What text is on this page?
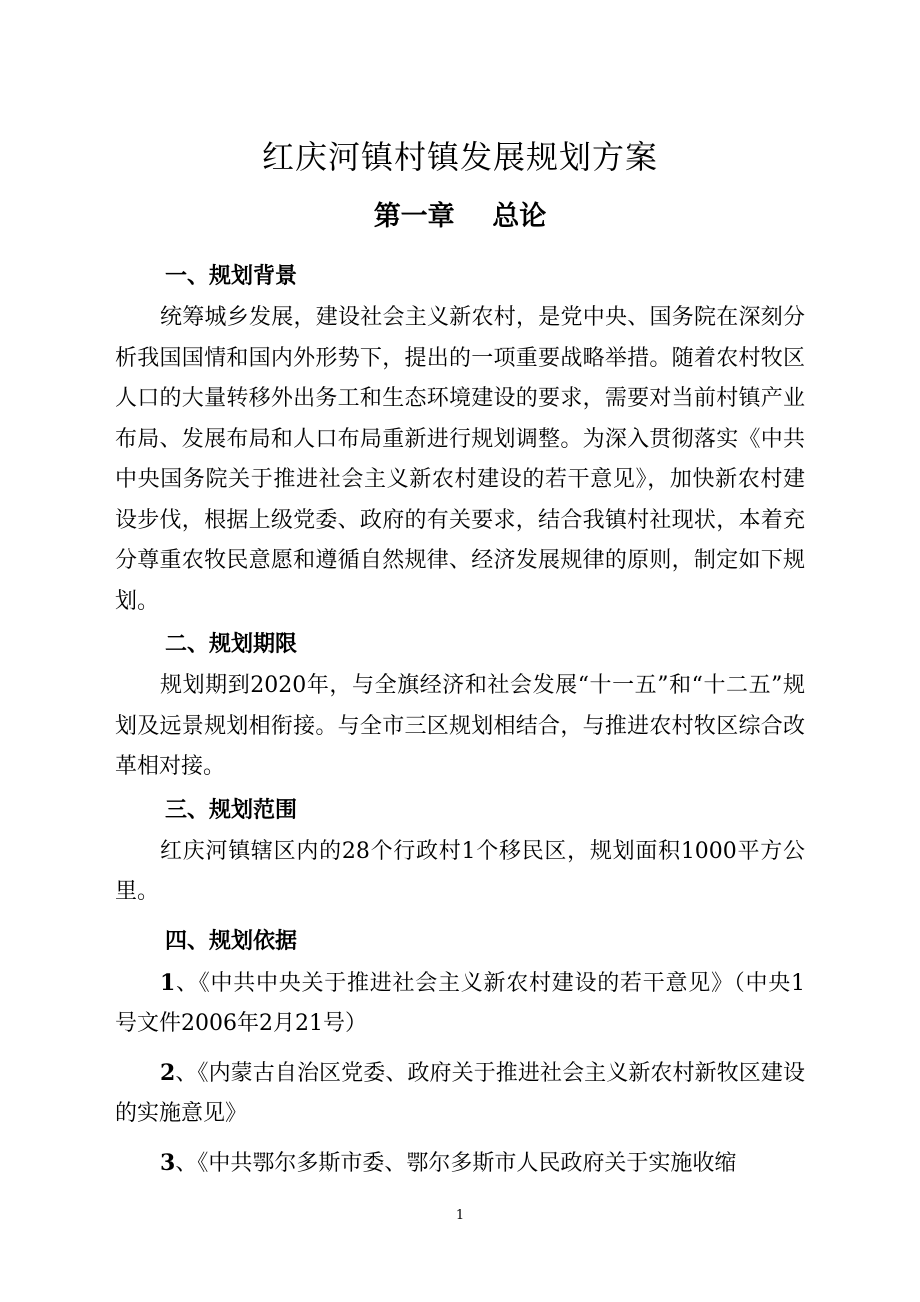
红庆河镇村镇发展规划方案
第一章    总论
一、规划背景

统筹城乡发展，建设社会主义新农村，是党中央、国务院在深刻分析我国国情和国内外形势下，提出的一项重要战略举措。随着农村牧区人口的大量转移外出务工和生态环境建设的要求，需要对当前村镇产业布局、发展布局和人口布局重新进行规划调整。为深入贯彻落实《中共中央国务院关于推进社会主义新农村建设的若干意见》，加快新农村建设步伐，根据上级党委、政府的有关要求，结合我镇村社现状，本着充分尊重农牧民意愿和遵循自然规律、经济发展规律的原则，制定如下规划。

二、规划期限

规划期到2020年，与全旗经济和社会发展“十一五”和“十二五”规划及远景规划相衔接。与全市三区规划相结合，与推进农村牧区综合改革相对接。

三、规划范围

红庆河镇辖区内的28个行政村1个移民区，规划面积1000平方公里。

四、规划依据

1、《中共中央关于推进社会主义新农村建设的若干意见》（中央1号文件2006年2月21号）

2、《内蒙古自治区党委、政府关于推进社会主义新农村新牧区建设的实施意见》

3、《中共鄂尔多斯市委、鄂尔多斯市人民政府关于实施收缩

1
